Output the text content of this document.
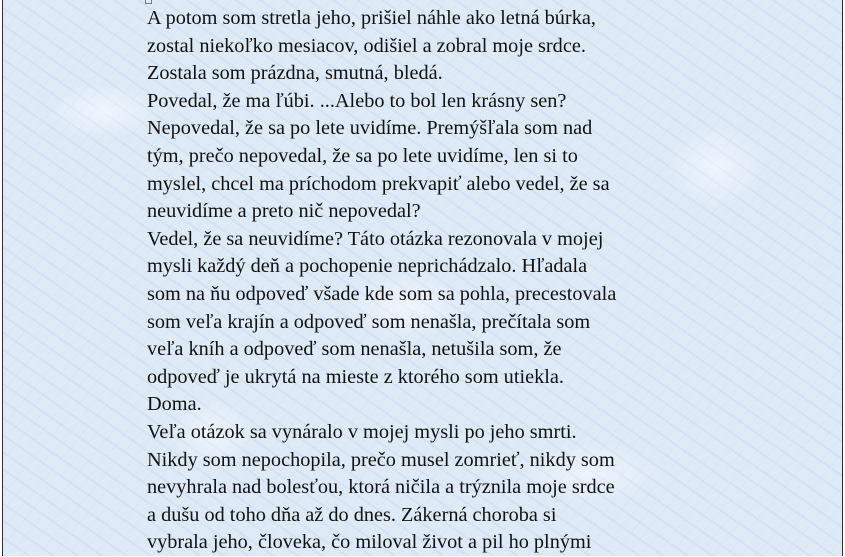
A potom som stretla jeho, prišiel náhle ako letná búrka,
zostal niekoľko mesiacov, odišiel a zobral moje srdce.
Zostala som prázdna, smutná, bledá.
Povedal, že ma ľúbi. ...Alebo to bol len krásny sen?
Nepovedal, že sa po lete uvidíme. Premýšľala som nad
tým, prečo nepovedal, že sa po lete uvidíme, len si to
myslel, chcel ma príchodom prekvapiť alebo vedel, že sa
neuvidíme a preto nič nepovedal?
Vedel, že sa neuvidíme? Táto otázka rezonovala v mojej
mysli každý deň a pochopenie neprichádzalo. Hľadala
som na ňu odpoveď všade kde som sa pohla, precestovala
som veľa krajín a odpoveď som nenašla, prečítala som
veľa kníh a odpoveď som nenašla, netušila som, že
odpoveď je ukrytá na mieste z ktorého som utiekla.
Doma.
Veľa otázok sa vynáralo v mojej mysli po jeho smrti.
Nikdy som nepochopila, prečo musel zomrieť, nikdy som
nevyhrala nad bolesťou, ktorá ničila a trýznila moje srdce
a dušu od toho dňa až do dnes. Zákerná choroba si
vybrala jeho, človeka, čo miloval život a pil ho plnými
